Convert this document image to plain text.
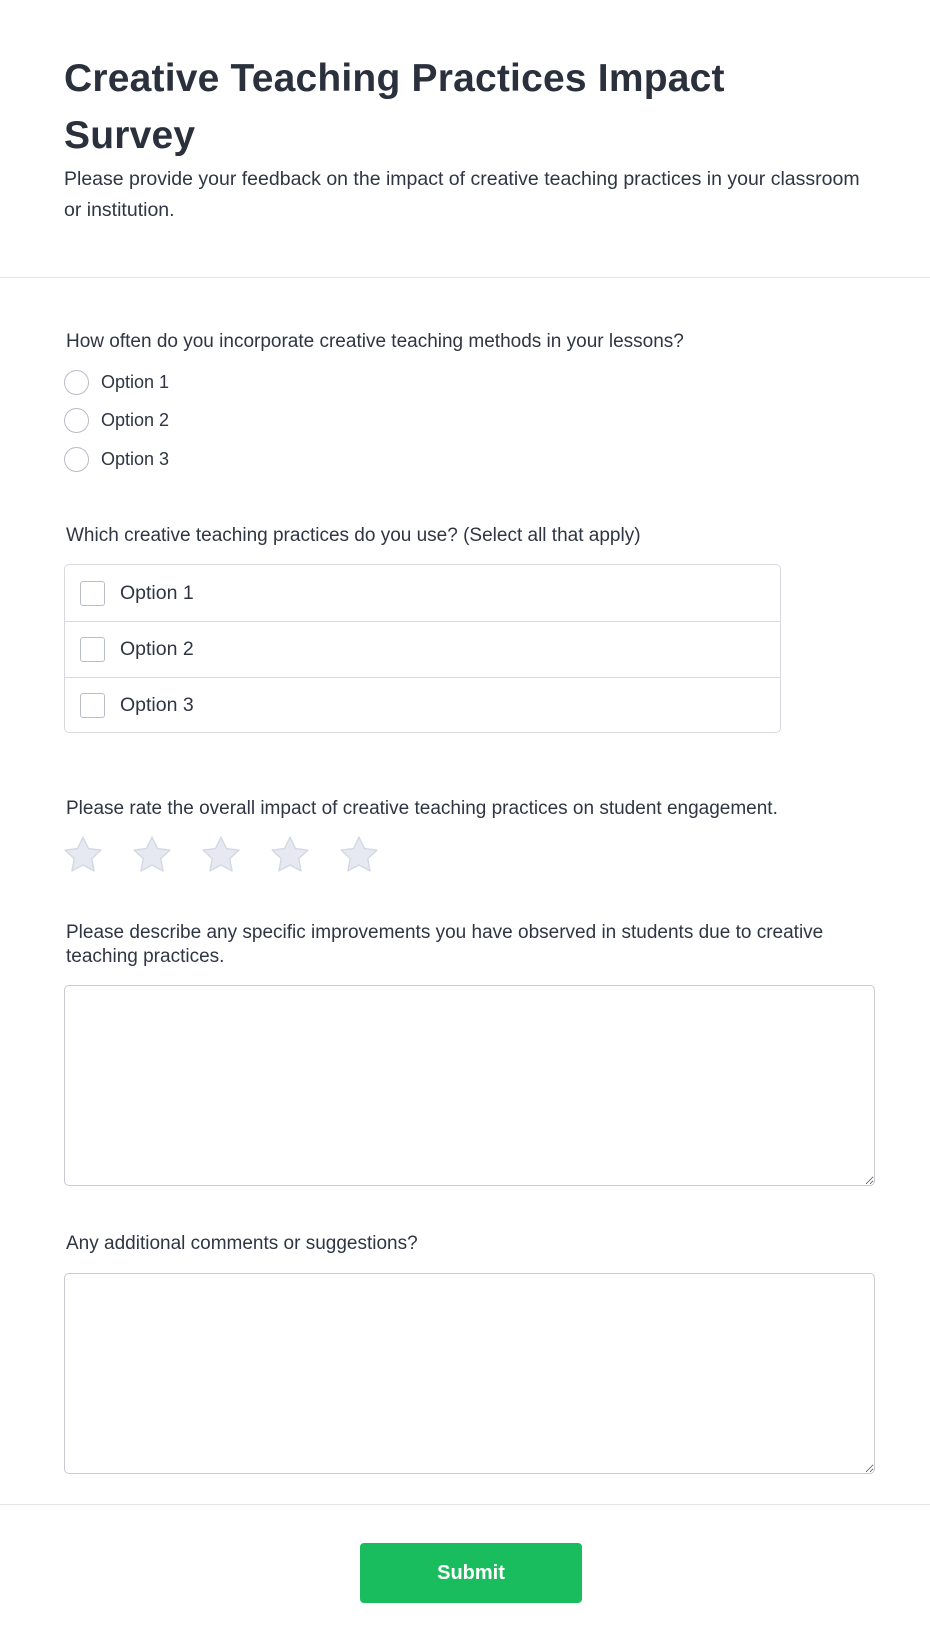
Creative Teaching Practices Impact Survey

Please provide your feedback on the impact of creative teaching practices in your classroom or institution.

How often do you incorporate creative teaching methods in your lessons?
Option 1
Option 2
Option 3
Which creative teaching practices do you use? (Select all that apply)
Option 1
Option 2
Option 3
Please rate the overall impact of creative teaching practices on student engagement.
Please describe any specific improvements you have observed in students due to creative teaching practices.
Any additional comments or suggestions?
Submit
